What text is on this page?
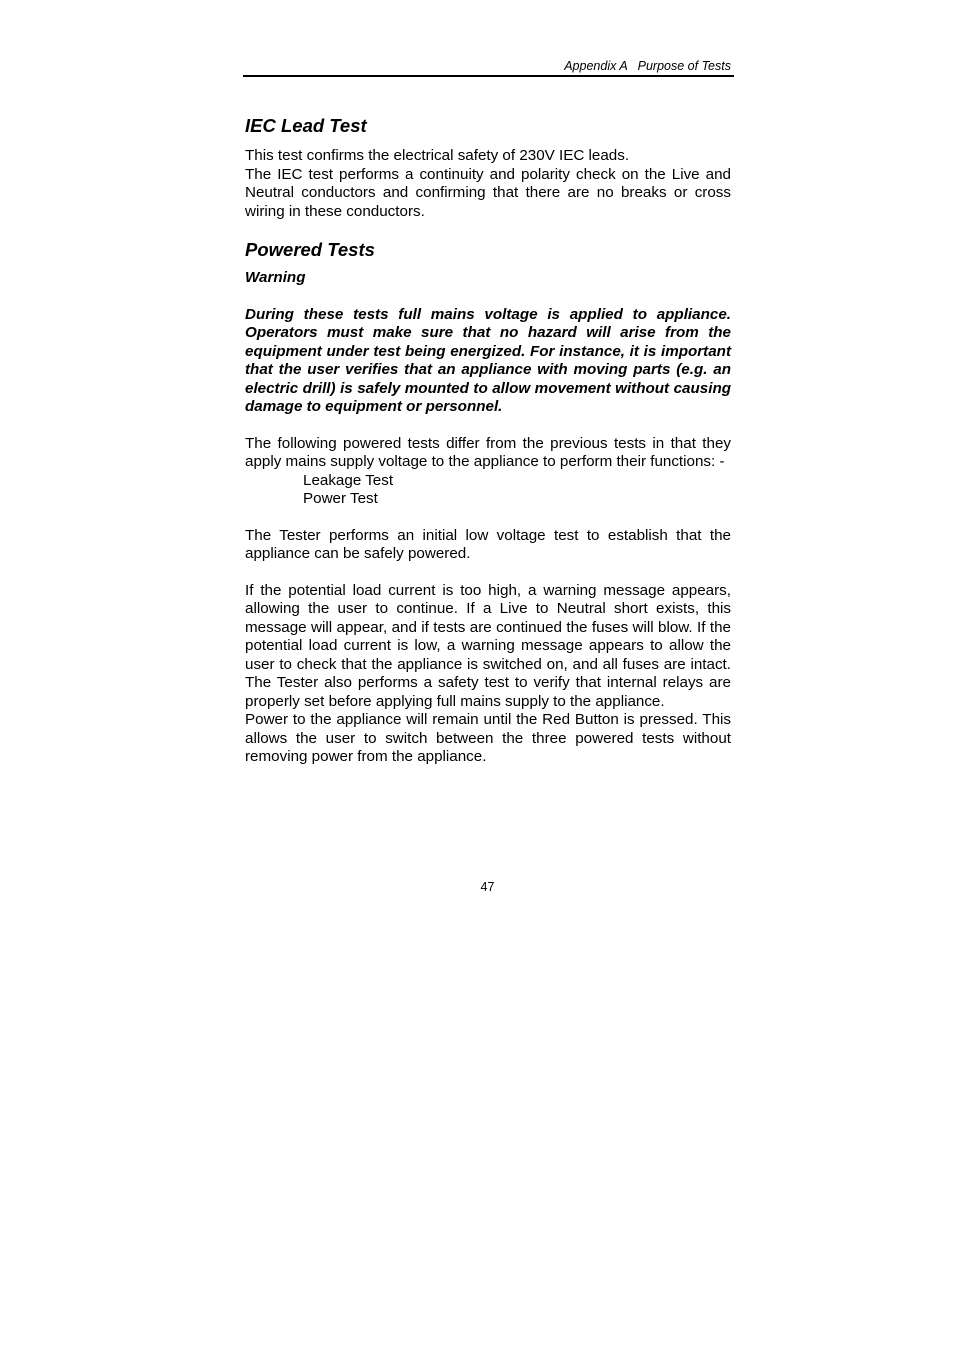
Appendix A   Purpose of Tests
IEC Lead Test

This test confirms the electrical safety of 230V IEC leads.

The IEC test performs a continuity and polarity check on the Live and Neutral conductors and confirming that there are no breaks or cross wiring in these conductors.

Powered Tests
Warning

During these tests full mains voltage is applied to appliance. Operators must make sure that no hazard will arise from the equipment under test being energized. For instance, it is important that the user verifies that an appliance with moving parts (e.g. an electric drill) is safely mounted to allow movement without causing damage to equipment or personnel.

The following powered tests differ from the previous tests in that they apply mains supply voltage to the appliance to perform their functions: -

Leakage Test
Power Test

The Tester performs an initial low voltage test to establish that the appliance can be safely powered.

If the potential load current is too high, a warning message appears, allowing the user to continue. If a Live to Neutral short exists, this message will appear, and if tests are continued the fuses will blow. If the potential load current is low, a warning message appears to allow the user to check that the appliance is switched on, and all fuses are intact. The Tester also performs a safety test to verify that internal relays are properly set before applying full mains supply to the appliance.

Power to the appliance will remain until the Red Button is pressed. This allows the user to switch between the three powered tests without removing power from the appliance.

47
